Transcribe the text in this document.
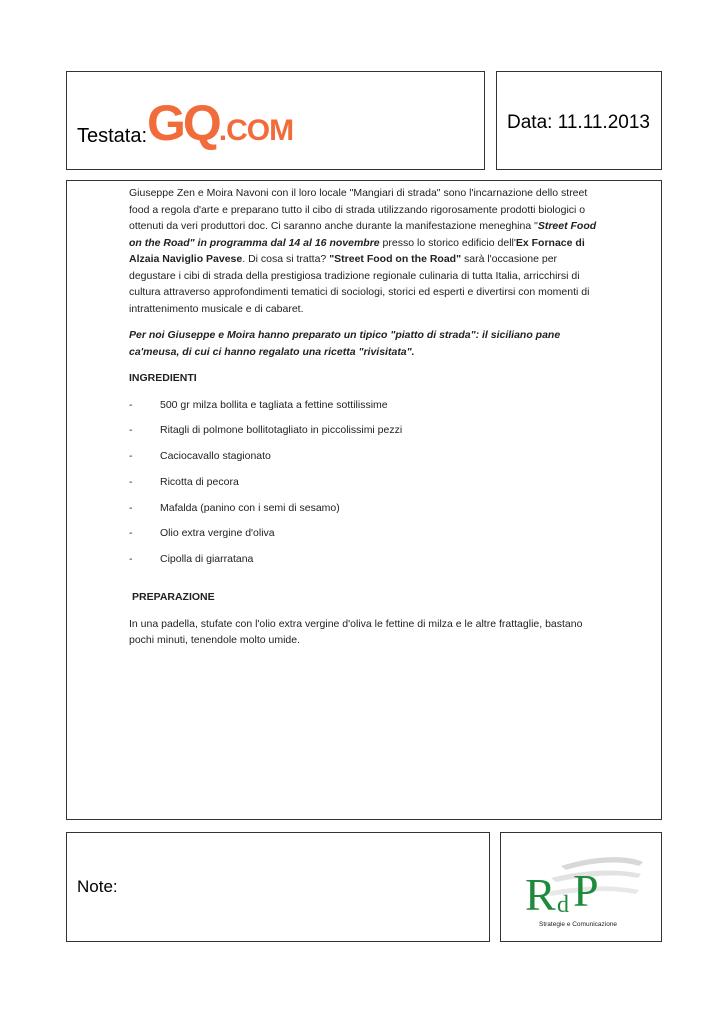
Testata: GQ.COM	Data: 11.11.2013

Giuseppe Zen e Moira Navoni con il loro locale "Mangiari di strada" sono l'incarnazione dello street food a regola d'arte e preparano tutto il cibo di strada utilizzando rigorosamente prodotti biologici o ottenuti da veri produttori doc. Ci saranno anche durante la manifestazione meneghina "Street Food on the Road" in programma dal 14 al 16 novembre presso lo storico edificio dell'Ex Fornace di Alzaia Naviglio Pavese. Di cosa si tratta? "Street Food on the Road" sarà l'occasione per degustare i cibi di strada della prestigiosa tradizione regionale culinaria di tutta Italia, arricchirsi di cultura attraverso approfondimenti tematici di sociologi, storici ed esperti e divertirsi con momenti di intrattenimento musicale e di cabaret.

Per noi Giuseppe e Moira hanno preparato un tipico "piatto di strada": il siciliano pane ca'meusa, di cui ci hanno regalato una ricetta "rivisitata".

INGREDIENTI
- 500 gr milza bollita e tagliata a fettine sottilissime
- Ritagli di polmone bollitotagliato in piccolissimi pezzi
- Caciocavallo stagionato
- Ricotta di pecora
- Mafalda (panino con i semi di sesamo)
- Olio extra vergine d'oliva
- Cipolla di giarratana
PREPARAZIONE

In una padella, stufate con l'olio extra vergine d'oliva le fettine di milza e le altre frattaglie, bastano pochi minuti, tenendole molto umide.

Note:	R d P
Strategie e Comunicazione
